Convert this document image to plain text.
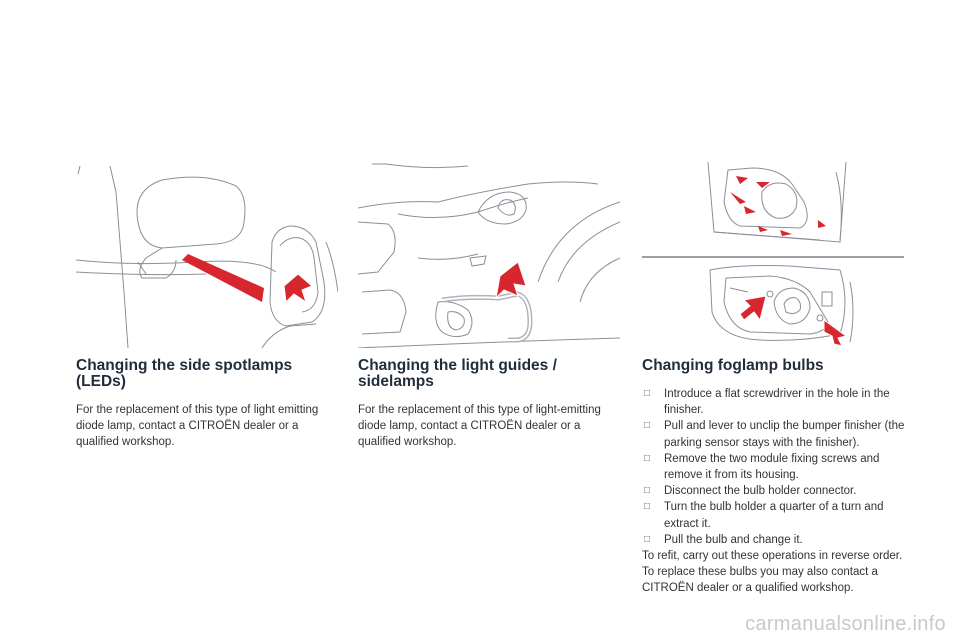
Changing the side spotlamps (LEDs)

For the replacement of this type of light emitting diode lamp, contact a CITROËN dealer or a qualified workshop.

Changing the light guides / sidelamps

For the replacement of this type of light-emitting diode lamp, contact a CITROËN dealer or a qualified workshop.

Changing foglamp bulbs
□ Introduce a flat screwdriver in the hole in the finisher.
□ Pull and lever to unclip the bumper finisher (the parking sensor stays with the finisher).
□ Remove the two module fixing screws and remove it from its housing.
□ Disconnect the bulb holder connector.
□ Turn the bulb holder a quarter of a turn and extract it.
□ Pull the bulb and change it.

To refit, carry out these operations in reverse order.

To replace these bulbs you may also contact a CITROËN dealer or a qualified workshop.

carmanualsonline.info
